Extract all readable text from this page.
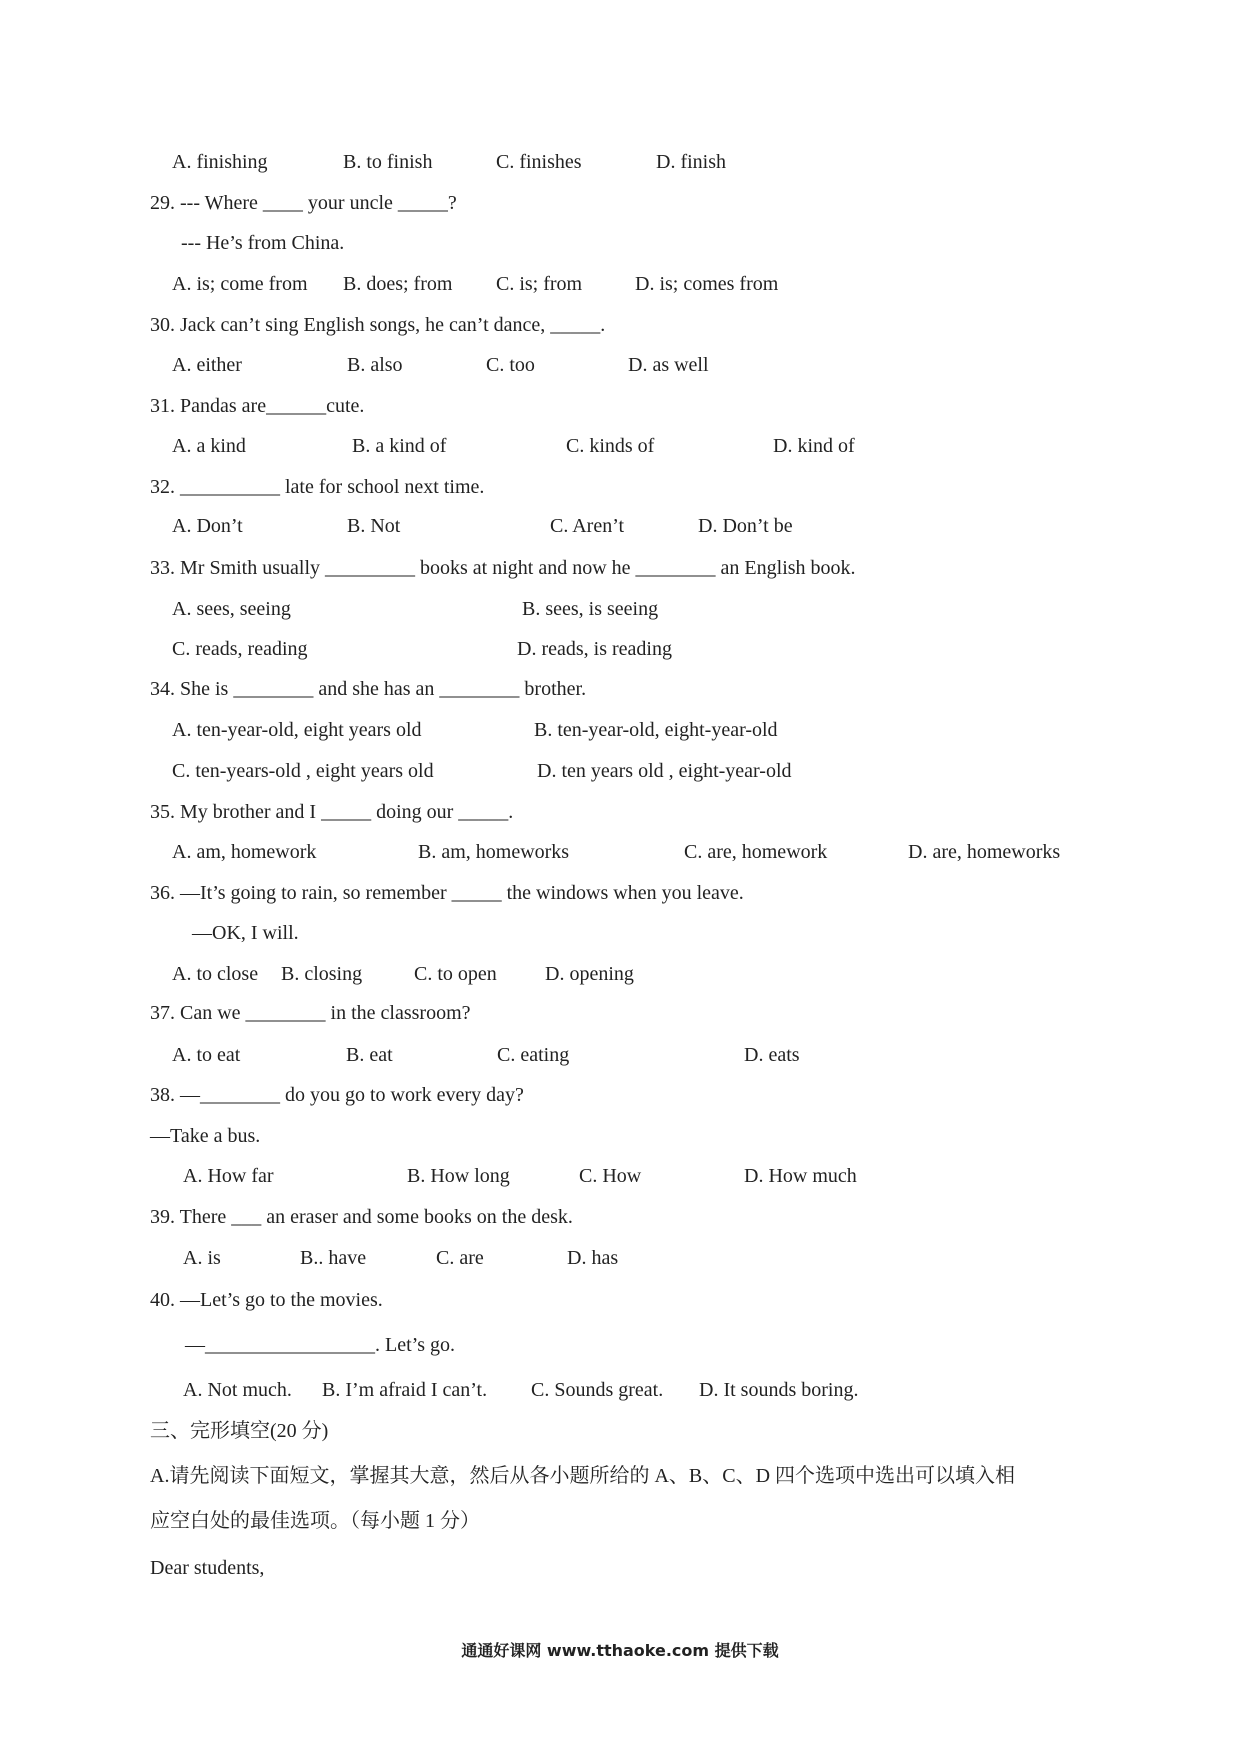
A. finishing	B. to finish	C. finishes	D. finish
29. --- Where ____ your uncle _____?
--- He’s from China.
A. is; come from B. does; from C. is; from	D. is; comes from
30. Jack can’t sing English songs, he can’t dance, _____.
A. either	B. also	C. too	D. as well
31. Pandas are______cute.
A. a kind	B. a kind of	C. kinds of	D. kind of
32. __________ late for school next time.
A. Don’t	B. Not	C. Aren’t	D. Don’t be
33. Mr Smith usually _________ books at night and now he ________ an English book.
A. sees, seeing	B. sees, is seeing
C. reads, reading	D. reads, is reading
34. She is ________ and she has an ________ brother.
A. ten-year-old, eight years old	B. ten-year-old, eight-year-old
C. ten-years-old , eight years old	D. ten years old , eight-year-old
35. My brother and I _____ doing our _____.
A. am, homework	B. am, homeworks	C. are, homework	D. are, homeworks
36. —It’s going to rain, so remember _____ the windows when you leave.
—OK, I will.
A. to close B. closing	C. to open D. opening
37. Can we ________ in the classroom?
A. to eat	B. eat	C. eating	D. eats
38. —________ do you go to work every day?
—Take a bus.
A. How far	B. How long	C. How	D. How much
39. There ___ an eraser and some books on the desk.
A. is	B.. have	C. are	D. has
40. —Let’s go to the movies.
—_________________. Let’s go.
A. Not much. B. I’m afraid I can’t. C. Sounds great. D. It sounds boring.
三、完形填空(20 分)
A.请先阅读下面短文，掌握其大意，然后从各小题所给的 A、B、C、D 四个选项中选出可以填入相
应空白处的最佳选项。（每小题 1 分）
Dear students,
通通好课网 www.tthaoke.com 提供下载
